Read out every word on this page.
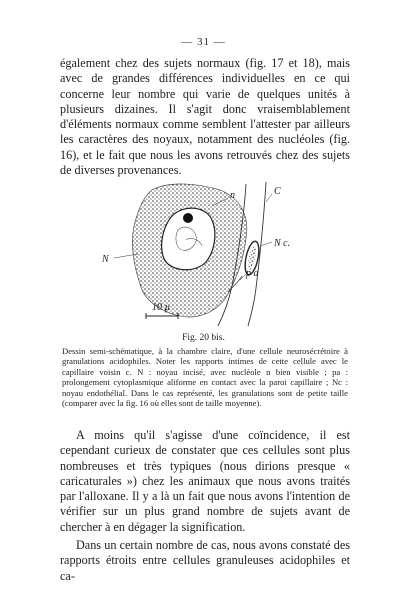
— 31 —

également chez des sujets normaux (fig. 17 et 18), mais avec de grandes différences individuelles en ce qui concerne leur nombre qui varie de quelques unités à plusieurs dizaines. Il s'agit donc vraisemblablement d'éléments normaux comme semblent l'attester par ailleurs les caractères des noyaux, notamment des nucléoles (fig. 16), et le fait que nous les avons retrouvés chez des sujets de diverses provenances.

n	C
N
N c.
p a
10 µ
Fig. 20 bis.

Dessin semi-schématique, à la chambre claire, d'une cellule neurosécrétoire à granulations acidophiles. Noter les rapports intimes de cette cellule avec le capillaire voisin c. N : noyau incisé, avec nucléole n bien visible ; pa : prolongement cytoplasmique aliforme en contact avec la paroi capillaire ; Nc : noyau endothélial. Dans le cas représenté, les granulations sont de petite taille (comparer avec la fig. 16 où elles sont de taille moyenne).

A moins qu'il s'agisse d'une coïncidence, il est cependant curieux de constater que ces cellules sont plus nombreuses et très typiques (nous dirions presque « caricaturales ») chez les animaux que nous avons traités par l'alloxane. Il y a là un fait que nous avons l'intention de vérifier sur un plus grand nombre de sujets avant de chercher à en dégager la signification.

Dans un certain nombre de cas, nous avons constaté des rapports étroits entre cellules granuleuses acidophiles et ca-
